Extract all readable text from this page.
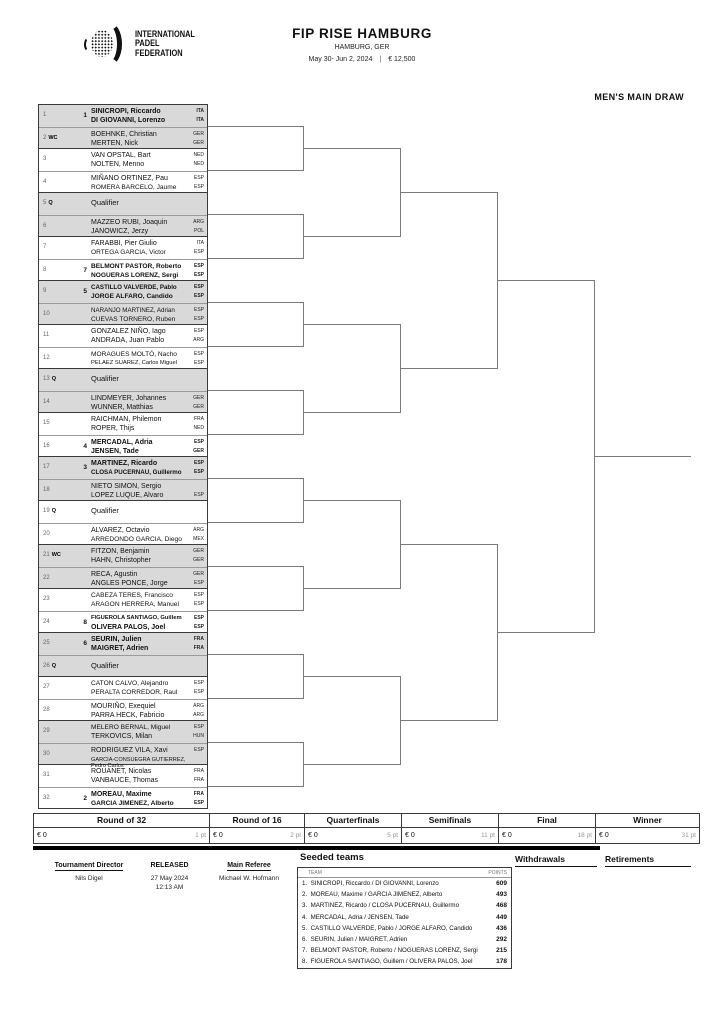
INTERNATIONAL
PADEL
FEDERATION
FIP RISE HAMBURG
HAMBURG, GER
May 30- Jun 2, 2024 | € 12,500
MEN'S MAIN DRAW
1	1
SINICROPI, Riccardo
DI GIOVANNI, Lorenzo
ITA
ITA
2 WC
BOEHNKE, Christian
MERTEN, Nick
GER
GER
3
VAN OPSTAL, Bart
NOLTEN, Menno
NED
NED
4
MIÑANO ORTINEZ, Pau
ROMERA BARCELO, Jaume
ESP
ESP
5 Q	Qualifier
6
MAZZEO RUBI, Joaquin
JANOWICZ, Jerzy
ARG
POL
7
FARABBI, Pier Giulio
ORTEGA GARCIA, Victor
ITA
ESP
8	7
BELMONT PASTOR, Roberto
NOGUERAS LORENZ, Sergi
ESP
ESP
9	5
CASTILLO VALVERDE, Pablo
JORGE ALFARO, Candido
ESP
ESP
10
NARANJO MARTINEZ, Adrian
CUEVAS TORNERO, Ruben
ESP
ESP
11
GONZALEZ NIÑO, Iago
ANDRADA, Juan Pablo
ESP
ARG
12
MORAGUES MOLTÓ, Nacho
PELAEZ SUAREZ, Carlos Miguel
ESP
ESP
13 Q	Qualifier
14
LINDMEYER, Johannes
WUNNER, Matthias
GER
GER
15
RAICHMAN, Philemon
ROPER, Thijs
FRA
NED
16	4
MERCADAL, Adria
JENSEN, Tade
ESP
GER
17	3
MARTINEZ, Ricardo
CLOSA PUCERNAU, Guillermo
ESP
ESP
18
NIETO SIMON, Sergio
LOPEZ LUQUE, Alvaro
	ESP
19 Q	Qualifier
20
ALVAREZ, Octavio
ARREDONDO GARCIA, Diego
ARG
MEX
21 WC
FITZON, Benjamin
HAHN, Christopher
GER
GER
22
RECA, Agustin
ANGLES PONCE, Jorge
GER
ESP
23
CABEZA TERES, Francisco
ARAGON HERRERA, Manuel
ESP
ESP
24	8
FIGUEROLA SANTIAGO, Guillem
OLIVERA PALOS, Joel
ESP
ESP
25	6
SEURIN, Julien
MAIGRET, Adrien
FRA
FRA
26 Q	Qualifier
27
CATON CALVO, Alejandro
PERALTA CORREDOR, Raul
ESP
ESP
28
MOURIÑO, Exequiel
PARRA HECK, Fabricio
ARG
ARG
29
MELERO BERNAL, Miguel
TERKOVICS, Milan
ESP
HUN
30
RODRIGUEZ VILA, Xavi
GARCIA-CONSUEGRA GUTIERREZ, Pedro Carlos
ESP

31
ROUANET, Nicolas
VANBAUCE, Thomas
FRA
FRA
32	2
MOREAU, Maxime
GARCIA JIMENEZ, Alberto
FRA
ESP
Round of 32
€ 0	1 pt
Round of 16
€ 0	2 pt
Quarterfinals
€ 0	5 pt
Semifinals
€ 0	11 pt
Final
€ 0	18 pt
Winner
€ 0	31 pt
Tournament Director
Nils Digel
RELEASED
27 May 2024
12:13 AM
Main Referee
Michael W. Hofmann
Seeded teams
TEAM	POINTS
1.  SINICROPI, Riccardo / DI GIOVANNI, Lorenzo	609
2.  MOREAU, Maxime / GARCIA JIMENEZ, Alberto	493
3.  MARTINEZ, Ricardo / CLOSA PUCERNAU, Guillermo	468
4.  MERCADAL, Adria / JENSEN, Tade	449
5.  CASTILLO VALVERDE, Pablo / JORGE ALFARO, Candido	436
6.  SEURIN, Julien / MAIGRET, Adrien	292
7.  BELMONT PASTOR, Roberto / NOGUERAS LORENZ, Sergi	215
8.  FIGUEROLA SANTIAGO, Guillem / OLIVERA PALOS, Joel	178
Withdrawals	Retirements
